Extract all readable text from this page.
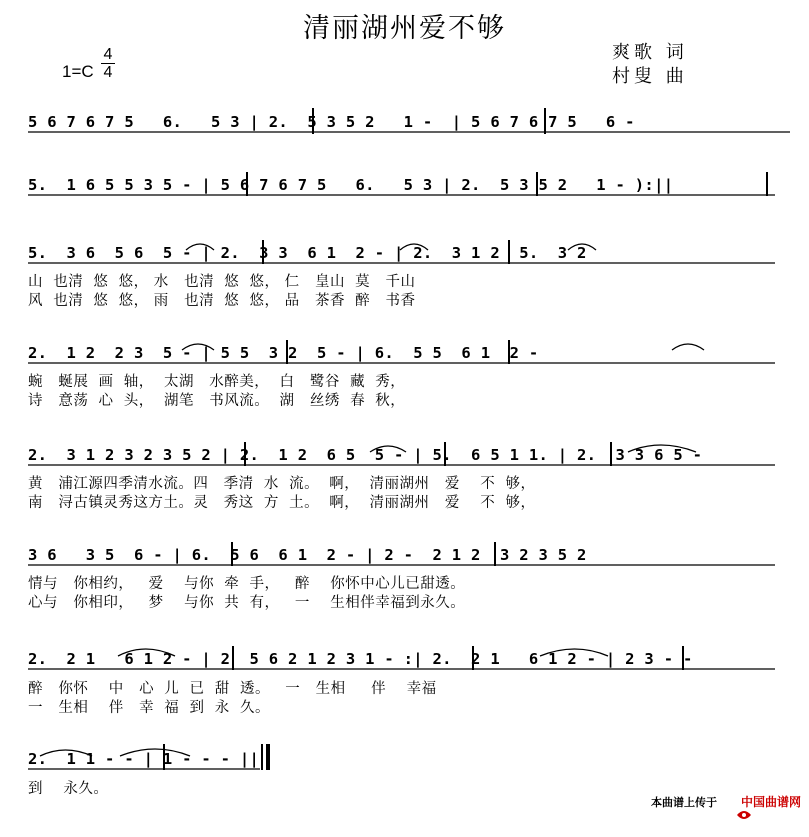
清丽湖州爱不够
爽歌 词
村叟 曲
1=C
4
4
5 6 7 6 7 5   6.   5 3 | 2.  5 3 5 2   1 -  | 5 6 7 6 7 5   6 -
5.  1 6 5 5 3 5 - | 5 6 7 6 7 5   6.   5 3 | 2.  5 3 5 2   1 - ):||
5.  3 6  5 6  5 - | 2.  3 3  6 1  2 - | 2.  3 1 2  5.  3 2
山  也清  悠  悠， 水   也清  悠  悠， 仁   皇山  莫   千山
风  也清  悠  悠， 雨   也清  悠  悠， 品   茶香  醉   书香
2.  1 2  2 3  5 - | 5 5  3 2  5 - | 6.  5 5  6 1  2 -
蜿   蜒展  画  轴，  太湖   水醉美，  白   鹭谷  藏  秀，
诗   意荡  心  头，  湖笔   书风流。  湖   丝绣  春  秋，
2.  3 1 2 3 2 3 5 2 | 2.  1 2  6 5  5 - | 5.  6 5 1 1. | 2.  3 3 6 5 -
黄   浦江源四季清水流。四   季清  水  流。  啊，  清丽湖州   爱    不  够，
南   浔古镇灵秀这方土。灵   秀这  方  土。  啊，  清丽湖州   爱    不  够，
3 6   3 5  6 - | 6.  5 6  6 1  2 - | 2 -  2 1 2  3 2 3 5 2
情与   你相约，   爱    与你  牵  手，   醉    你怀中心儿已甜透。
心与   你相印，   梦    与你  共  有，   一    生相伴幸福到永久。
2.  2 1   6 1 2 - | 2  5 6 2 1 2 3 1 - :| 2.  2 1   6 1 2 - | 2 3 - -
醉   你怀    中   心  儿  已  甜  透。   一   生相     伴    幸福
一   生相    伴   幸  福  到  永  久。
2.  1 1 - - | 1 - - - ||
到    永久。
本曲谱上传于

中国曲谱网
